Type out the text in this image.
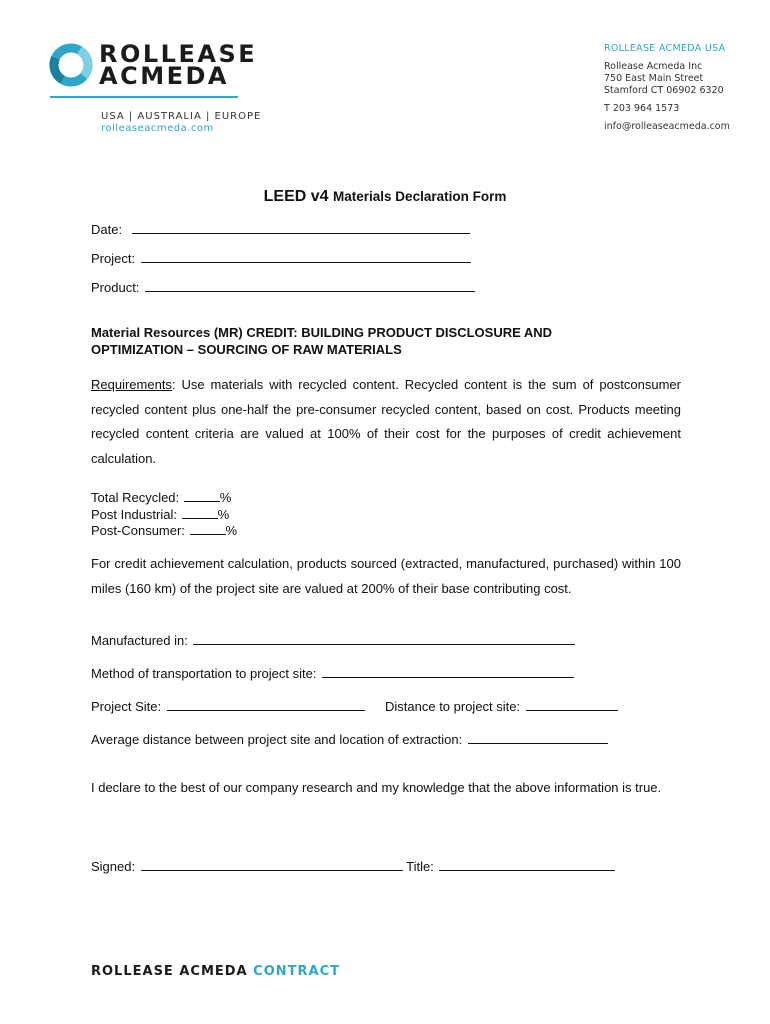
ROLLEASE
ACMEDA
USA | AUSTRALIA | EUROPE
rolleaseacmeda.com
ROLLEASE ACMEDA USA
Rollease Acmeda Inc
750 East Main Street
Stamford CT 06902 6320
T 203 964 1573
info@rolleaseacmeda.com
LEED v4 Materials Declaration Form
Date:
Project:
Product:
Material Resources (MR) CREDIT: BUILDING PRODUCT DISCLOSURE AND
OPTIMIZATION – SOURCING OF RAW MATERIALS
Requirements: Use materials with recycled content. Recycled content is the sum of postconsumer recycled content plus one-half the pre-consumer recycled content, based on cost. Products meeting recycled content criteria are valued at 100% of their cost for the purposes of credit achievement calculation.
Total Recycled:	%
Post Industrial:	%
Post-Consumer:	%
For credit achievement calculation, products sourced (extracted, manufactured, purchased) within 100 miles (160 km) of the project site are valued at 200% of their base contributing cost.
Manufactured in:
Method of transportation to project site:
Project Site:	Distance to project site:
Average distance between project site and location of extraction:
I declare to the best of our company research and my knowledge that the above information is true.
Signed:	Title:
ROLLEASE ACMEDA CONTRACT
